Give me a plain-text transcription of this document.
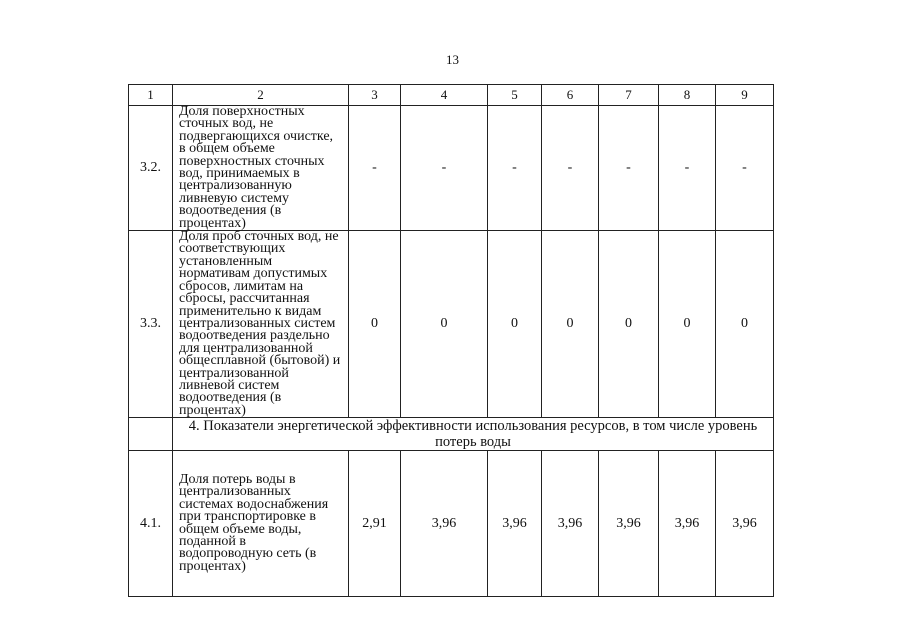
13
1	2	3	4	5	6	7	8	9
3.2.	Доля поверхностных сточных вод, не подвергающихся очистке, в общем объеме поверхностных сточных вод, принимаемых в централизованную ливневую систему водоотведения (в процентах)	-	-	-	-	-	-	-
3.3.	Доля проб сточных вод, не соответствующих установленным нормативам допустимых сбросов, лимитам на сбросы, рассчитанная применительно к видам централизованных систем водоотведения раздельно для централизованной общесплавной (бытовой) и централизованной ливневой систем водоотведения (в процентах)	0	0	0	0	0	0	0
	4. Показатели энергетической эффективности использования ресурсов, в том числе уровень потерь воды							
4.1.	Доля потерь воды в централизованных системах водоснабжения при транспортировке в общем объеме воды, поданной в водопроводную сеть (в процентах)	2,91	3,96	3,96	3,96	3,96	3,96	3,96
